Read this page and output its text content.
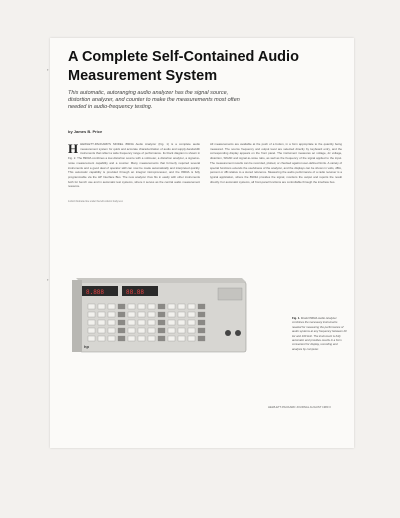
,
,
A Complete Self-Contained Audio Measurement System

This automatic, autoranging audio analyzer has the signal source, distortion analyzer, and counter to make the measurements most often needed in audio-frequency testing.

by James B. Price
H HEWLETT-PACKARD'S MODEL 8903A Audio Analyzer (Fig. 1) is a complete audio measurement system for quick and accurate characterization of audio and supply-bandwidth instruments that reflect a wide frequency range of performance. Its block diagram is shown in Fig. 2. The 8903A combines a low-distortion source with a voltmeter, a distortion analyzer, a signal-to-noise measurement capability and a counter. Many measurements that formerly required several instruments and a good deal of operator skill can now be made automatically and interpreted quickly. This automatic capability is provided through an integral microprocessor, and the 8903A is fully programmable via the HP Interface Bus. The new analyzer thus fits in easily with other instruments both for bench use and in automatic test systems, where it serves as the central audio measurement resource.
A short footnote line under the left column body text.
All measurements are available at the push of a button, in a form appropriate to the quantity being measured. The source frequency and output level are selected directly by keyboard entry, and the corresponding display appears on the front panel. The instrument measures ac voltage, dc voltage, distortion, SINAD and signal-to-noise ratio, as well as the frequency of the signal applied to the input. The measurement results can be recorded, plotted, or checked against user-defined limits. A variety of special functions extends the usefulness of the analyzer, and the displays can be shown in volts, dBm, percent or dB relative to a stored reference. Measuring the audio performance of a radio receiver is a typical application, where the 8903A provides the signal, monitors the output and reports the result directly. For automatic systems, all front-panel functions are controllable through the interface bus.
8.888	88.88
hp
Fig. 1. Model 8903A Audio Analyzer combines the necessary instruments needed for measuring the performance of audio systems at any frequency between 20 Hz and 100 kHz. The instrument is fully automatic and provides results in a form convenient for display, recording and analysis by computer.
HEWLETT-PACKARD JOURNAL AUGUST 1980 3
